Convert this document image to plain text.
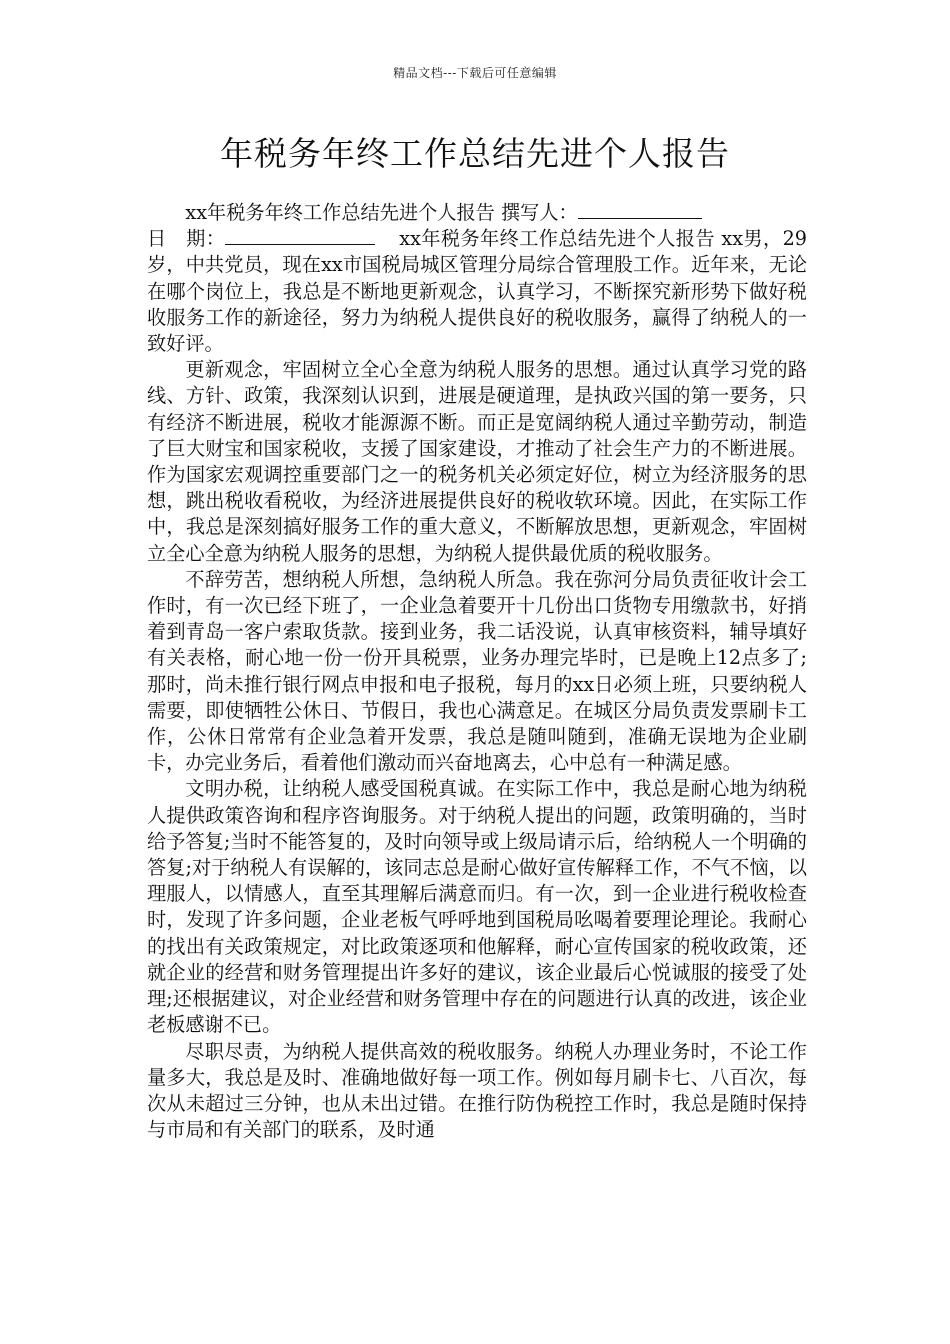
精品文档---下载后可任意编辑
年税务年终工作总结先进个人报告

xx年税务年终工作总结先进个人报告 撰写人：

日　期：	xx年税务年终工作总结先进个人报告 xx男，29岁，中共党员，现在xx市国税局城区管理分局综合管理股工作。近年来，无论在哪个岗位上，我总是不断地更新观念，认真学习，不断探究新形势下做好税收服务工作的新途径，努力为纳税人提供良好的税收服务，赢得了纳税人的一致好评。

更新观念，牢固树立全心全意为纳税人服务的思想。通过认真学习党的路线、方针、政策，我深刻认识到，进展是硬道理，是执政兴国的第一要务，只有经济不断进展，税收才能源源不断。而正是宽阔纳税人通过辛勤劳动，制造了巨大财宝和国家税收，支援了国家建设，才推动了社会生产力的不断进展。作为国家宏观调控重要部门之一的税务机关必须定好位，树立为经济服务的思想，跳出税收看税收，为经济进展提供良好的税收软环境。因此，在实际工作中，我总是深刻搞好服务工作的重大意义，不断解放思想，更新观念，牢固树立全心全意为纳税人服务的思想，为纳税人提供最优质的税收服务。

不辞劳苦，想纳税人所想，急纳税人所急。我在弥河分局负责征收计会工作时，有一次已经下班了，一企业急着要开十几份出口货物专用缴款书，好捎着到青岛一客户索取货款。接到业务，我二话没说，认真审核资料，辅导填好有关表格，耐心地一份一份开具税票，业务办理完毕时，已是晚上12点多了;那时，尚未推行银行网点申报和电子报税，每月的xx日必须上班，只要纳税人需要，即使牺牲公休日、节假日，我也心满意足。在城区分局负责发票刷卡工作，公休日常常有企业急着开发票，我总是随叫随到，准确无误地为企业刷卡，办完业务后，看着他们激动而兴奋地离去，心中总有一种满足感。

文明办税，让纳税人感受国税真诚。在实际工作中，我总是耐心地为纳税人提供政策咨询和程序咨询服务。对于纳税人提出的问题，政策明确的，当时给予答复;当时不能答复的，及时向领导或上级局请示后，给纳税人一个明确的答复;对于纳税人有误解的，该同志总是耐心做好宣传解释工作，不气不恼，以理服人，以情感人，直至其理解后满意而归。有一次，到一企业进行税收检查时，发现了许多问题，企业老板气呼呼地到国税局吆喝着要理论理论。我耐心的找出有关政策规定，对比政策逐项和他解释，耐心宣传国家的税收政策，还就企业的经营和财务管理提出许多好的建议，该企业最后心悦诚服的接受了处理;还根据建议，对企业经营和财务管理中存在的问题进行认真的改进，该企业老板感谢不已。

尽职尽责，为纳税人提供高效的税收服务。纳税人办理业务时，不论工作量多大，我总是及时、准确地做好每一项工作。例如每月刷卡七、八百次，每次从未超过三分钟，也从未出过错。在推行防伪税控工作时，我总是随时保持与市局和有关部门的联系，及时通
